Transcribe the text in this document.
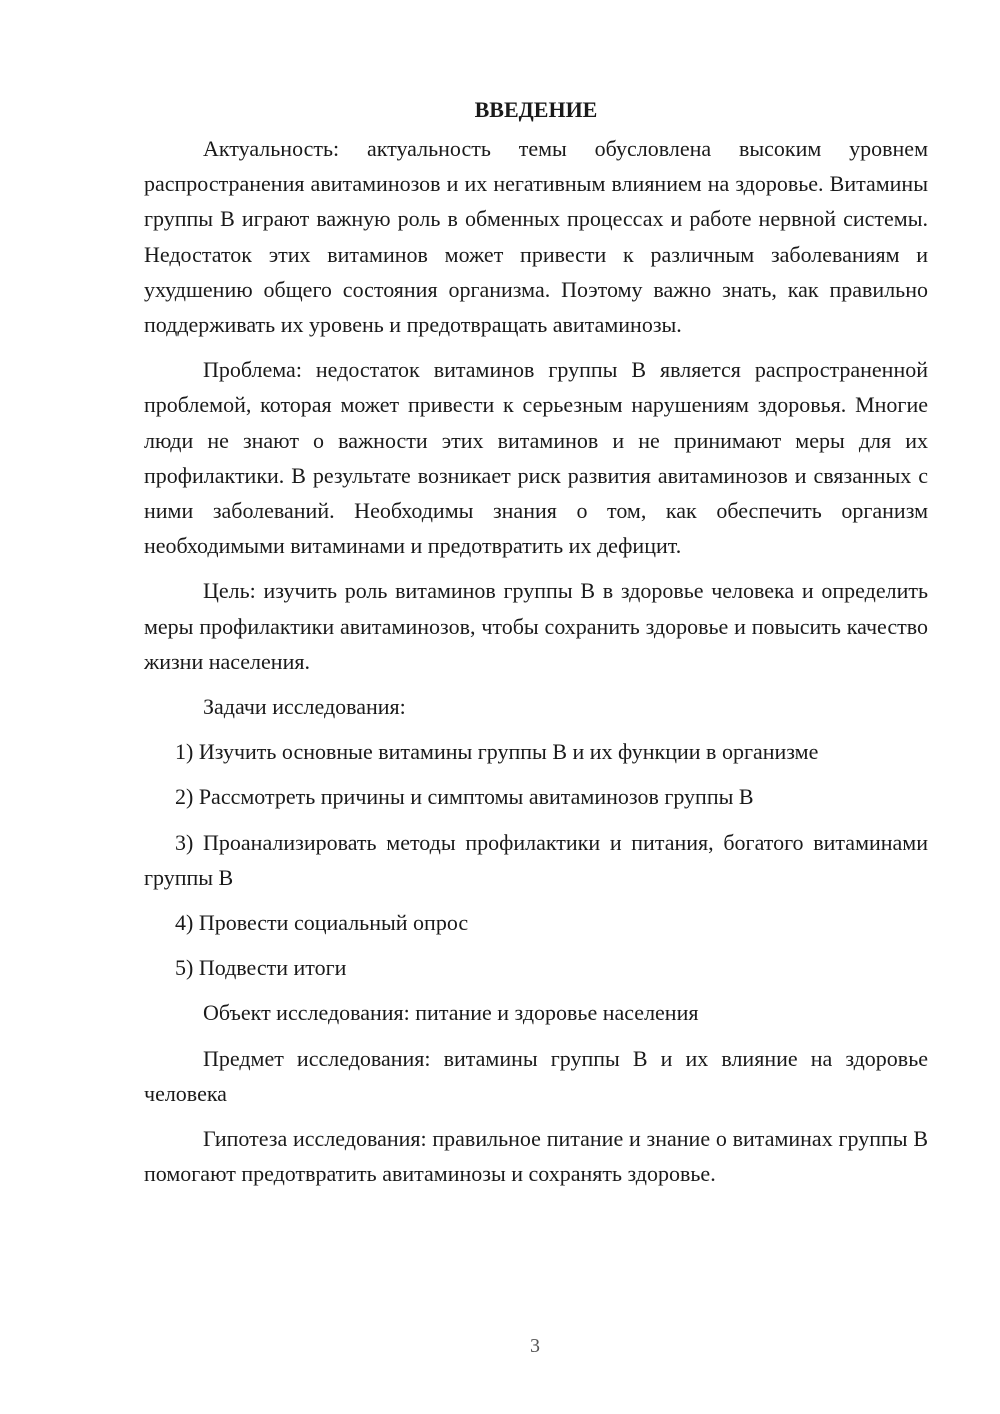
ВВЕДЕНИЕ

Актуальность: актуальность темы обусловлена высоким уровнем распространения авитаминозов и их негативным влиянием на здоровье. Витамины группы В играют важную роль в обменных процессах и работе нервной системы. Недостаток этих витаминов может привести к различным заболеваниям и ухудшению общего состояния организма. Поэтому важно знать, как правильно поддерживать их уровень и предотвращать авитаминозы.

Проблема: недостаток витаминов группы В является распространенной проблемой, которая может привести к серьезным нарушениям здоровья. Многие люди не знают о важности этих витаминов и не принимают меры для их профилактики. В результате возникает риск развития авитаминозов и связанных с ними заболеваний. Необходимы знания о том, как обеспечить организм необходимыми витаминами и предотвратить их дефицит.

Цель: изучить роль витаминов группы В в здоровье человека и определить меры профилактики авитаминозов, чтобы сохранить здоровье и повысить качество жизни населения.

Задачи исследования:

1) Изучить основные витамины группы В и их функции в организме

2) Рассмотреть причины и симптомы авитаминозов группы В

3) Проанализировать методы профилактики и питания, богатого витаминами группы В

4) Провести социальный опрос

5) Подвести итоги

Объект исследования: питание и здоровье населения

Предмет исследования: витамины группы В и их влияние на здоровье человека

Гипотеза исследования: правильное питание и знание о витаминах группы В помогают предотвратить авитаминозы и сохранять здоровье.

3
